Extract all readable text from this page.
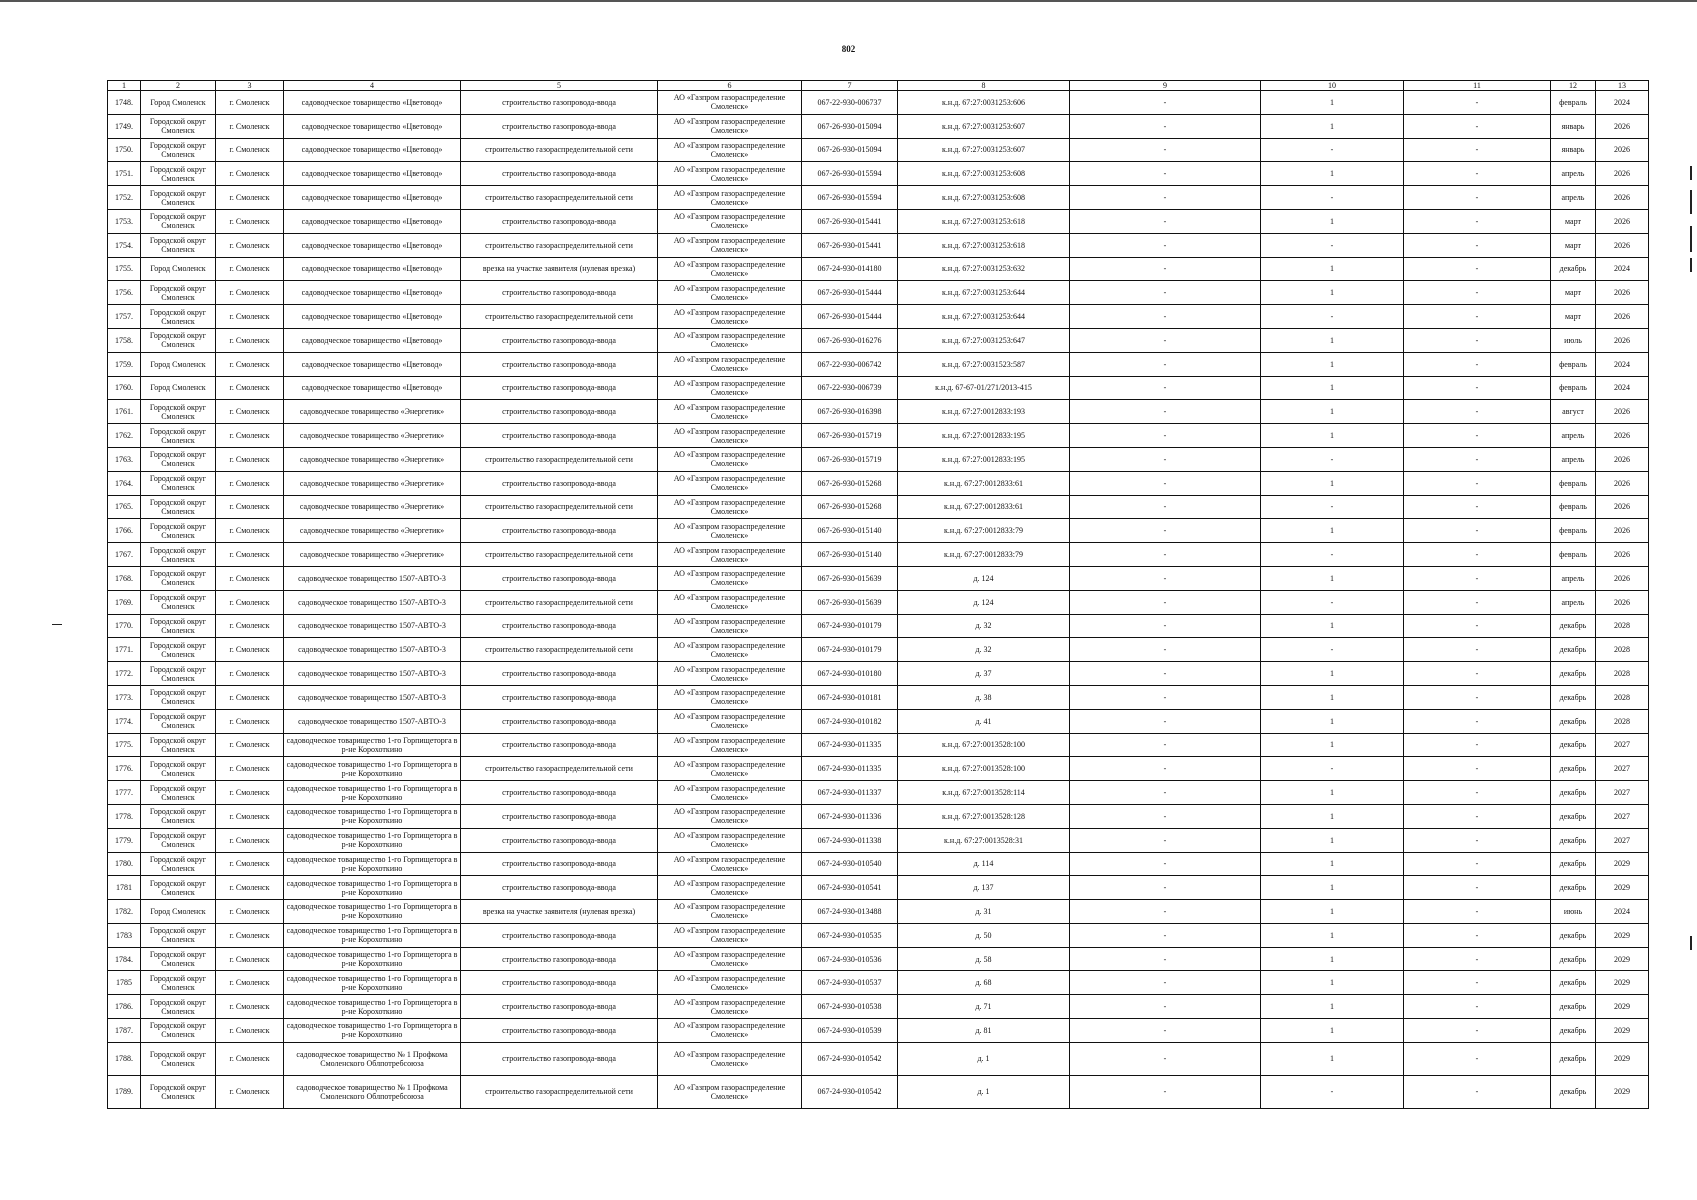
802
1	2	3	4	5	6	7	8	9	10	11	12	13
1748.	Город Смоленск	г. Смоленск	садоводческое товарищество «Цветовод»	строительство газопровода-ввода	АО «Газпром газораспределение Смоленск»	067-22-930-006737	к.н.д. 67:27:0031253:606	-	1	-	февраль	2024
1749.	Городской округ Смоленск	г. Смоленск	садоводческое товарищество «Цветовод»	строительство газопровода-ввода	АО «Газпром газораспределение Смоленск»	067-26-930-015094	к.н.д. 67:27:0031253:607	-	1	-	январь	2026
1750.	Городской округ Смоленск	г. Смоленск	садоводческое товарищество «Цветовод»	строительство газораспределительной сети	АО «Газпром газораспределение Смоленск»	067-26-930-015094	к.н.д. 67:27:0031253:607	-	-	-	январь	2026
1751.	Городской округ Смоленск	г. Смоленск	садоводческое товарищество «Цветовод»	строительство газопровода-ввода	АО «Газпром газораспределение Смоленск»	067-26-930-015594	к.н.д. 67:27:0031253:608	-	1	-	апрель	2026
1752.	Городской округ Смоленск	г. Смоленск	садоводческое товарищество «Цветовод»	строительство газораспределительной сети	АО «Газпром газораспределение Смоленск»	067-26-930-015594	к.н.д. 67:27:0031253:608	-	-	-	апрель	2026
1753.	Городской округ Смоленск	г. Смоленск	садоводческое товарищество «Цветовод»	строительство газопровода-ввода	АО «Газпром газораспределение Смоленск»	067-26-930-015441	к.н.д. 67:27:0031253:618	-	1	-	март	2026
1754.	Городской округ Смоленск	г. Смоленск	садоводческое товарищество «Цветовод»	строительство газораспределительной сети	АО «Газпром газораспределение Смоленск»	067-26-930-015441	к.н.д. 67:27:0031253:618	-	-	-	март	2026
1755.	Город Смоленск	г. Смоленск	садоводческое товарищество «Цветовод»	врезка на участке заявителя (нулевая врезка)	АО «Газпром газораспределение Смоленск»	067-24-930-014180	к.н.д. 67:27:0031253:632	-	1	-	декабрь	2024
1756.	Городской округ Смоленск	г. Смоленск	садоводческое товарищество «Цветовод»	строительство газопровода-ввода	АО «Газпром газораспределение Смоленск»	067-26-930-015444	к.н.д. 67:27:0031253:644	-	1	-	март	2026
1757.	Городской округ Смоленск	г. Смоленск	садоводческое товарищество «Цветовод»	строительство газораспределительной сети	АО «Газпром газораспределение Смоленск»	067-26-930-015444	к.н.д. 67:27:0031253:644	-	-	-	март	2026
1758.	Городской округ Смоленск	г. Смоленск	садоводческое товарищество «Цветовод»	строительство газопровода-ввода	АО «Газпром газораспределение Смоленск»	067-26-930-016276	к.н.д. 67:27:0031253:647	-	1	-	июль	2026
1759.	Город Смоленск	г. Смоленск	садоводческое товарищество «Цветовод»	строительство газопровода-ввода	АО «Газпром газораспределение Смоленск»	067-22-930-006742	к.н.д. 67:27:0031523:587	-	1	-	февраль	2024
1760.	Город Смоленск	г. Смоленск	садоводческое товарищество «Цветовод»	строительство газопровода-ввода	АО «Газпром газораспределение Смоленск»	067-22-930-006739	к.н.д. 67-67-01/271/2013-415	-	1	-	февраль	2024
1761.	Городской округ Смоленск	г. Смоленск	садоводческое товарищество «Энергетик»	строительство газопровода-ввода	АО «Газпром газораспределение Смоленск»	067-26-930-016398	к.н.д. 67:27:0012833:193	-	1	-	август	2026
1762.	Городской округ Смоленск	г. Смоленск	садоводческое товарищество «Энергетик»	строительство газопровода-ввода	АО «Газпром газораспределение Смоленск»	067-26-930-015719	к.н.д. 67:27:0012833:195	-	1	-	апрель	2026
1763.	Городской округ Смоленск	г. Смоленск	садоводческое товарищество «Энергетик»	строительство газораспределительной сети	АО «Газпром газораспределение Смоленск»	067-26-930-015719	к.н.д. 67:27:0012833:195	-	-	-	апрель	2026
1764.	Городской округ Смоленск	г. Смоленск	садоводческое товарищество «Энергетик»	строительство газопровода-ввода	АО «Газпром газораспределение Смоленск»	067-26-930-015268	к.н.д. 67:27:0012833:61	-	1	-	февраль	2026
1765.	Городской округ Смоленск	г. Смоленск	садоводческое товарищество «Энергетик»	строительство газораспределительной сети	АО «Газпром газораспределение Смоленск»	067-26-930-015268	к.н.д. 67:27:0012833:61	-	-	-	февраль	2026
1766.	Городской округ Смоленск	г. Смоленск	садоводческое товарищество «Энергетик»	строительство газопровода-ввода	АО «Газпром газораспределение Смоленск»	067-26-930-015140	к.н.д. 67:27:0012833:79	-	1	-	февраль	2026
1767.	Городской округ Смоленск	г. Смоленск	садоводческое товарищество «Энергетик»	строительство газораспределительной сети	АО «Газпром газораспределение Смоленск»	067-26-930-015140	к.н.д. 67:27:0012833:79	-	-	-	февраль	2026
1768.	Городской округ Смоленск	г. Смоленск	садоводческое товарищество 1507-АВТО-3	строительство газопровода-ввода	АО «Газпром газораспределение Смоленск»	067-26-930-015639	д. 124	-	1	-	апрель	2026
1769.	Городской округ Смоленск	г. Смоленск	садоводческое товарищество 1507-АВТО-3	строительство газораспределительной сети	АО «Газпром газораспределение Смоленск»	067-26-930-015639	д. 124	-	-	-	апрель	2026
1770.	Городской округ Смоленск	г. Смоленск	садоводческое товарищество 1507-АВТО-3	строительство газопровода-ввода	АО «Газпром газораспределение Смоленск»	067-24-930-010179	д. 32	-	1	-	декабрь	2028
1771.	Городской округ Смоленск	г. Смоленск	садоводческое товарищество 1507-АВТО-3	строительство газораспределительной сети	АО «Газпром газораспределение Смоленск»	067-24-930-010179	д. 32	-	-	-	декабрь	2028
1772.	Городской округ Смоленск	г. Смоленск	садоводческое товарищество 1507-АВТО-3	строительство газопровода-ввода	АО «Газпром газораспределение Смоленск»	067-24-930-010180	д. 37	-	1	-	декабрь	2028
1773.	Городской округ Смоленск	г. Смоленск	садоводческое товарищество 1507-АВТО-3	строительство газопровода-ввода	АО «Газпром газораспределение Смоленск»	067-24-930-010181	д. 38	-	1	-	декабрь	2028
1774.	Городской округ Смоленск	г. Смоленск	садоводческое товарищество 1507-АВТО-3	строительство газопровода-ввода	АО «Газпром газораспределение Смоленск»	067-24-930-010182	д. 41	-	1	-	декабрь	2028
1775.	Городской округ Смоленск	г. Смоленск	садоводческое товарищество 1-го Горпищеторга в р-не Корохоткино	строительство газопровода-ввода	АО «Газпром газораспределение Смоленск»	067-24-930-011335	к.н.д. 67:27:0013528:100	-	1	-	декабрь	2027
1776.	Городской округ Смоленск	г. Смоленск	садоводческое товарищество 1-го Горпищеторга в р-не Корохоткино	строительство газораспределительной сети	АО «Газпром газораспределение Смоленск»	067-24-930-011335	к.н.д. 67:27:0013528:100	-	-	-	декабрь	2027
1777.	Городской округ Смоленск	г. Смоленск	садоводческое товарищество 1-го Горпищеторга в р-не Корохоткино	строительство газопровода-ввода	АО «Газпром газораспределение Смоленск»	067-24-930-011337	к.н.д. 67:27:0013528:114	-	1	-	декабрь	2027
1778.	Городской округ Смоленск	г. Смоленск	садоводческое товарищество 1-го Горпищеторга в р-не Корохоткино	строительство газопровода-ввода	АО «Газпром газораспределение Смоленск»	067-24-930-011336	к.н.д. 67:27:0013528:128	-	1	-	декабрь	2027
1779.	Городской округ Смоленск	г. Смоленск	садоводческое товарищество 1-го Горпищеторга в р-не Корохоткино	строительство газопровода-ввода	АО «Газпром газораспределение Смоленск»	067-24-930-011338	к.н.д. 67:27:0013528:31	-	1	-	декабрь	2027
1780.	Городской округ Смоленск	г. Смоленск	садоводческое товарищество 1-го Горпищеторга в р-не Корохоткино	строительство газопровода-ввода	АО «Газпром газораспределение Смоленск»	067-24-930-010540	д. 114	-	1	-	декабрь	2029
1781	Городской округ Смоленск	г. Смоленск	садоводческое товарищество 1-го Горпищеторга в р-не Корохоткино	строительство газопровода-ввода	АО «Газпром газораспределение Смоленск»	067-24-930-010541	д. 137	-	1	-	декабрь	2029
1782.	Город Смоленск	г. Смоленск	садоводческое товарищество 1-го Горпищеторга в р-не Корохоткино	врезка на участке заявителя (нулевая врезка)	АО «Газпром газораспределение Смоленск»	067-24-930-013488	д. 31	-	1	-	июнь	2024
1783	Городской округ Смоленск	г. Смоленск	садоводческое товарищество 1-го Горпищеторга в р-не Корохоткино	строительство газопровода-ввода	АО «Газпром газораспределение Смоленск»	067-24-930-010535	д. 50	-	1	-	декабрь	2029
1784.	Городской округ Смоленск	г. Смоленск	садоводческое товарищество 1-го Горпищеторга в р-не Корохоткино	строительство газопровода-ввода	АО «Газпром газораспределение Смоленск»	067-24-930-010536	д. 58	-	1	-	декабрь	2029
1785	Городской округ Смоленск	г. Смоленск	садоводческое товарищество 1-го Горпищеторга в р-не Корохоткино	строительство газопровода-ввода	АО «Газпром газораспределение Смоленск»	067-24-930-010537	д. 68	-	1	-	декабрь	2029
1786.	Городской округ Смоленск	г. Смоленск	садоводческое товарищество 1-го Горпищеторга в р-не Корохоткино	строительство газопровода-ввода	АО «Газпром газораспределение Смоленск»	067-24-930-010538	д. 71	-	1	-	декабрь	2029
1787.	Городской округ Смоленск	г. Смоленск	садоводческое товарищество 1-го Горпищеторга в р-не Корохоткино	строительство газопровода-ввода	АО «Газпром газораспределение Смоленск»	067-24-930-010539	д. 81	-	1	-	декабрь	2029
1788.	Городской округ Смоленск	г. Смоленск	садоводческое товарищество № 1 Профкома Смоленского Облпотребсоюза	строительство газопровода-ввода	АО «Газпром газораспределение Смоленск»	067-24-930-010542	д. 1	-	1	-	декабрь	2029
1789.	Городской округ Смоленск	г. Смоленск	садоводческое товарищество № 1 Профкома Смоленского Облпотребсоюза	строительство газораспределительной сети	АО «Газпром газораспределение Смоленск»	067-24-930-010542	д. 1	-	-	-	декабрь	2029
